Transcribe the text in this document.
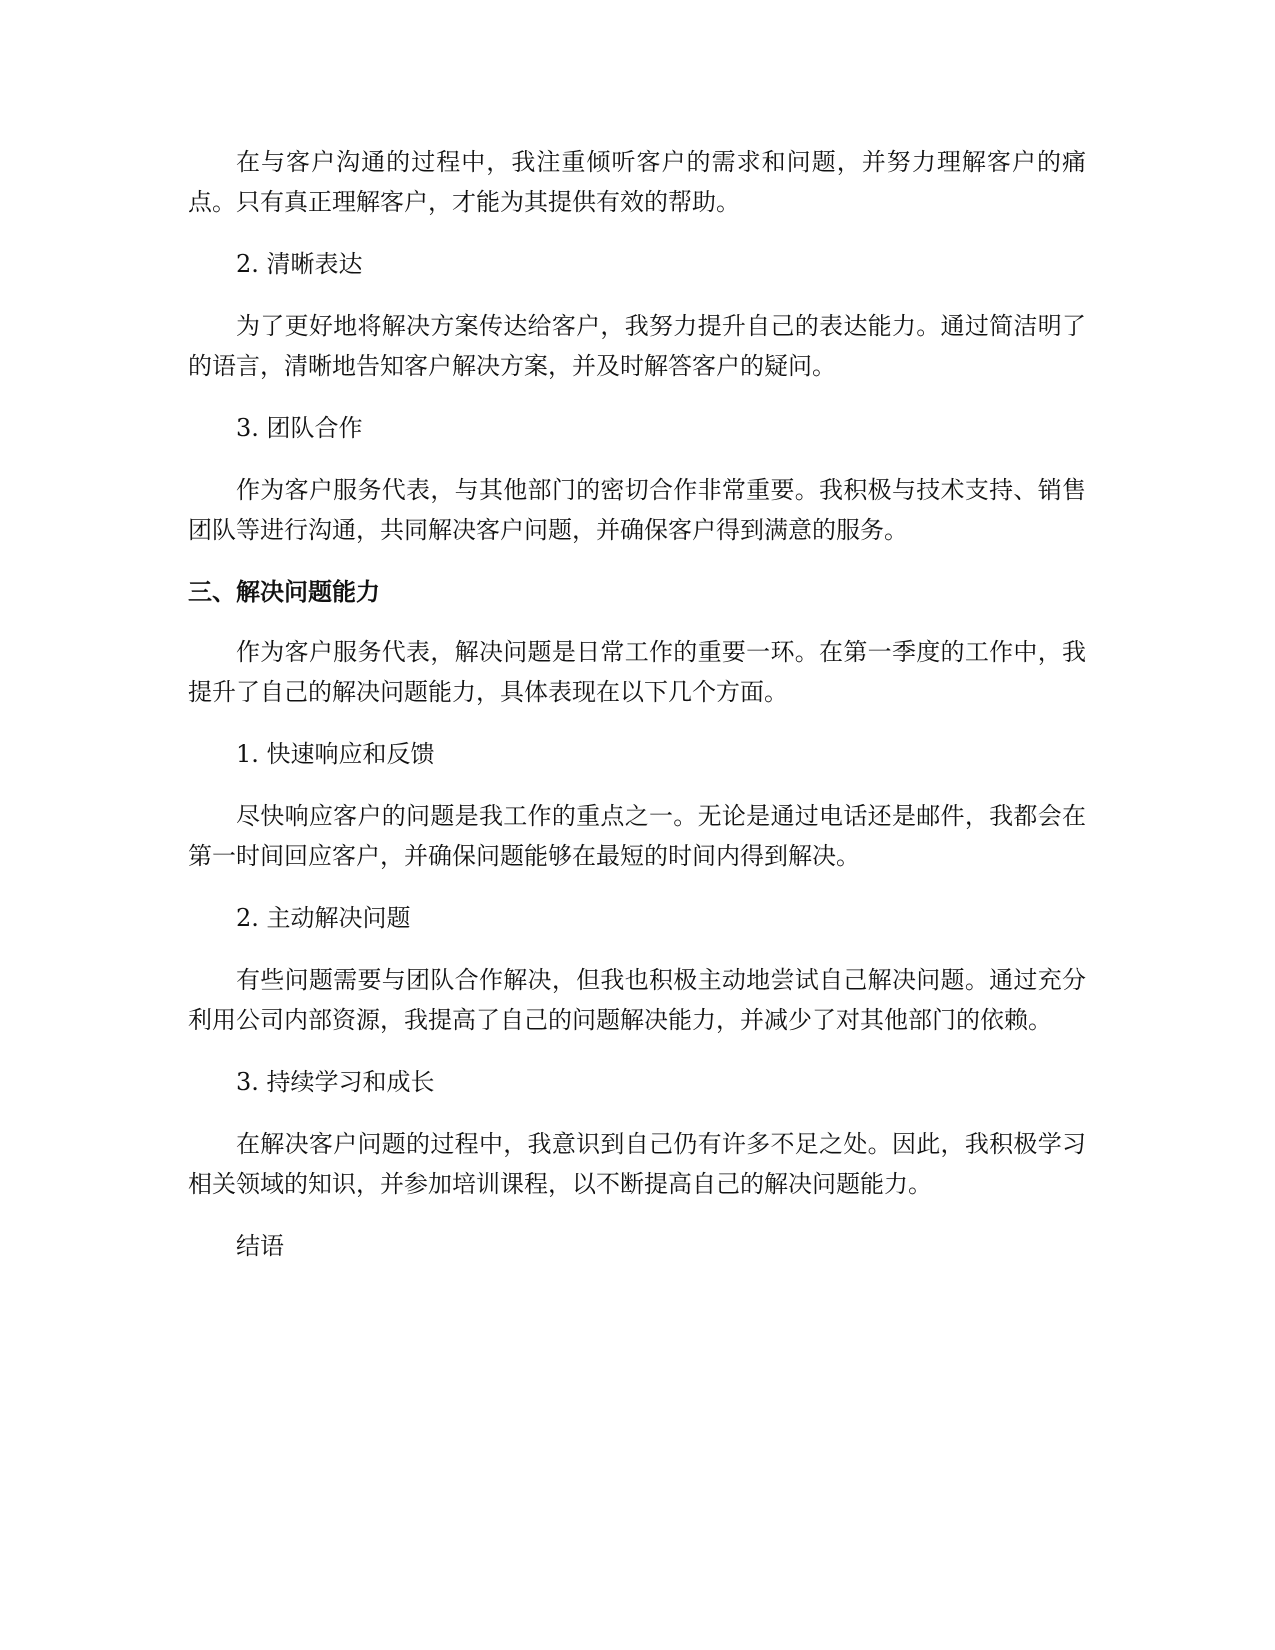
在与客户沟通的过程中，我注重倾听客户的需求和问题，并努力理解客户的痛点。只有真正理解客户，才能为其提供有效的帮助。

2. 清晰表达

为了更好地将解决方案传达给客户，我努力提升自己的表达能力。通过简洁明了的语言，清晰地告知客户解决方案，并及时解答客户的疑问。

3. 团队合作

作为客户服务代表，与其他部门的密切合作非常重要。我积极与技术支持、销售团队等进行沟通，共同解决客户问题，并确保客户得到满意的服务。

三、解决问题能力

作为客户服务代表，解决问题是日常工作的重要一环。在第一季度的工作中，我提升了自己的解决问题能力，具体表现在以下几个方面。

1. 快速响应和反馈

尽快响应客户的问题是我工作的重点之一。无论是通过电话还是邮件，我都会在第一时间回应客户，并确保问题能够在最短的时间内得到解决。

2. 主动解决问题

有些问题需要与团队合作解决，但我也积极主动地尝试自己解决问题。通过充分利用公司内部资源，我提高了自己的问题解决能力，并减少了对其他部门的依赖。

3. 持续学习和成长

在解决客户问题的过程中，我意识到自己仍有许多不足之处。因此，我积极学习相关领域的知识，并参加培训课程，以不断提高自己的解决问题能力。

结语
